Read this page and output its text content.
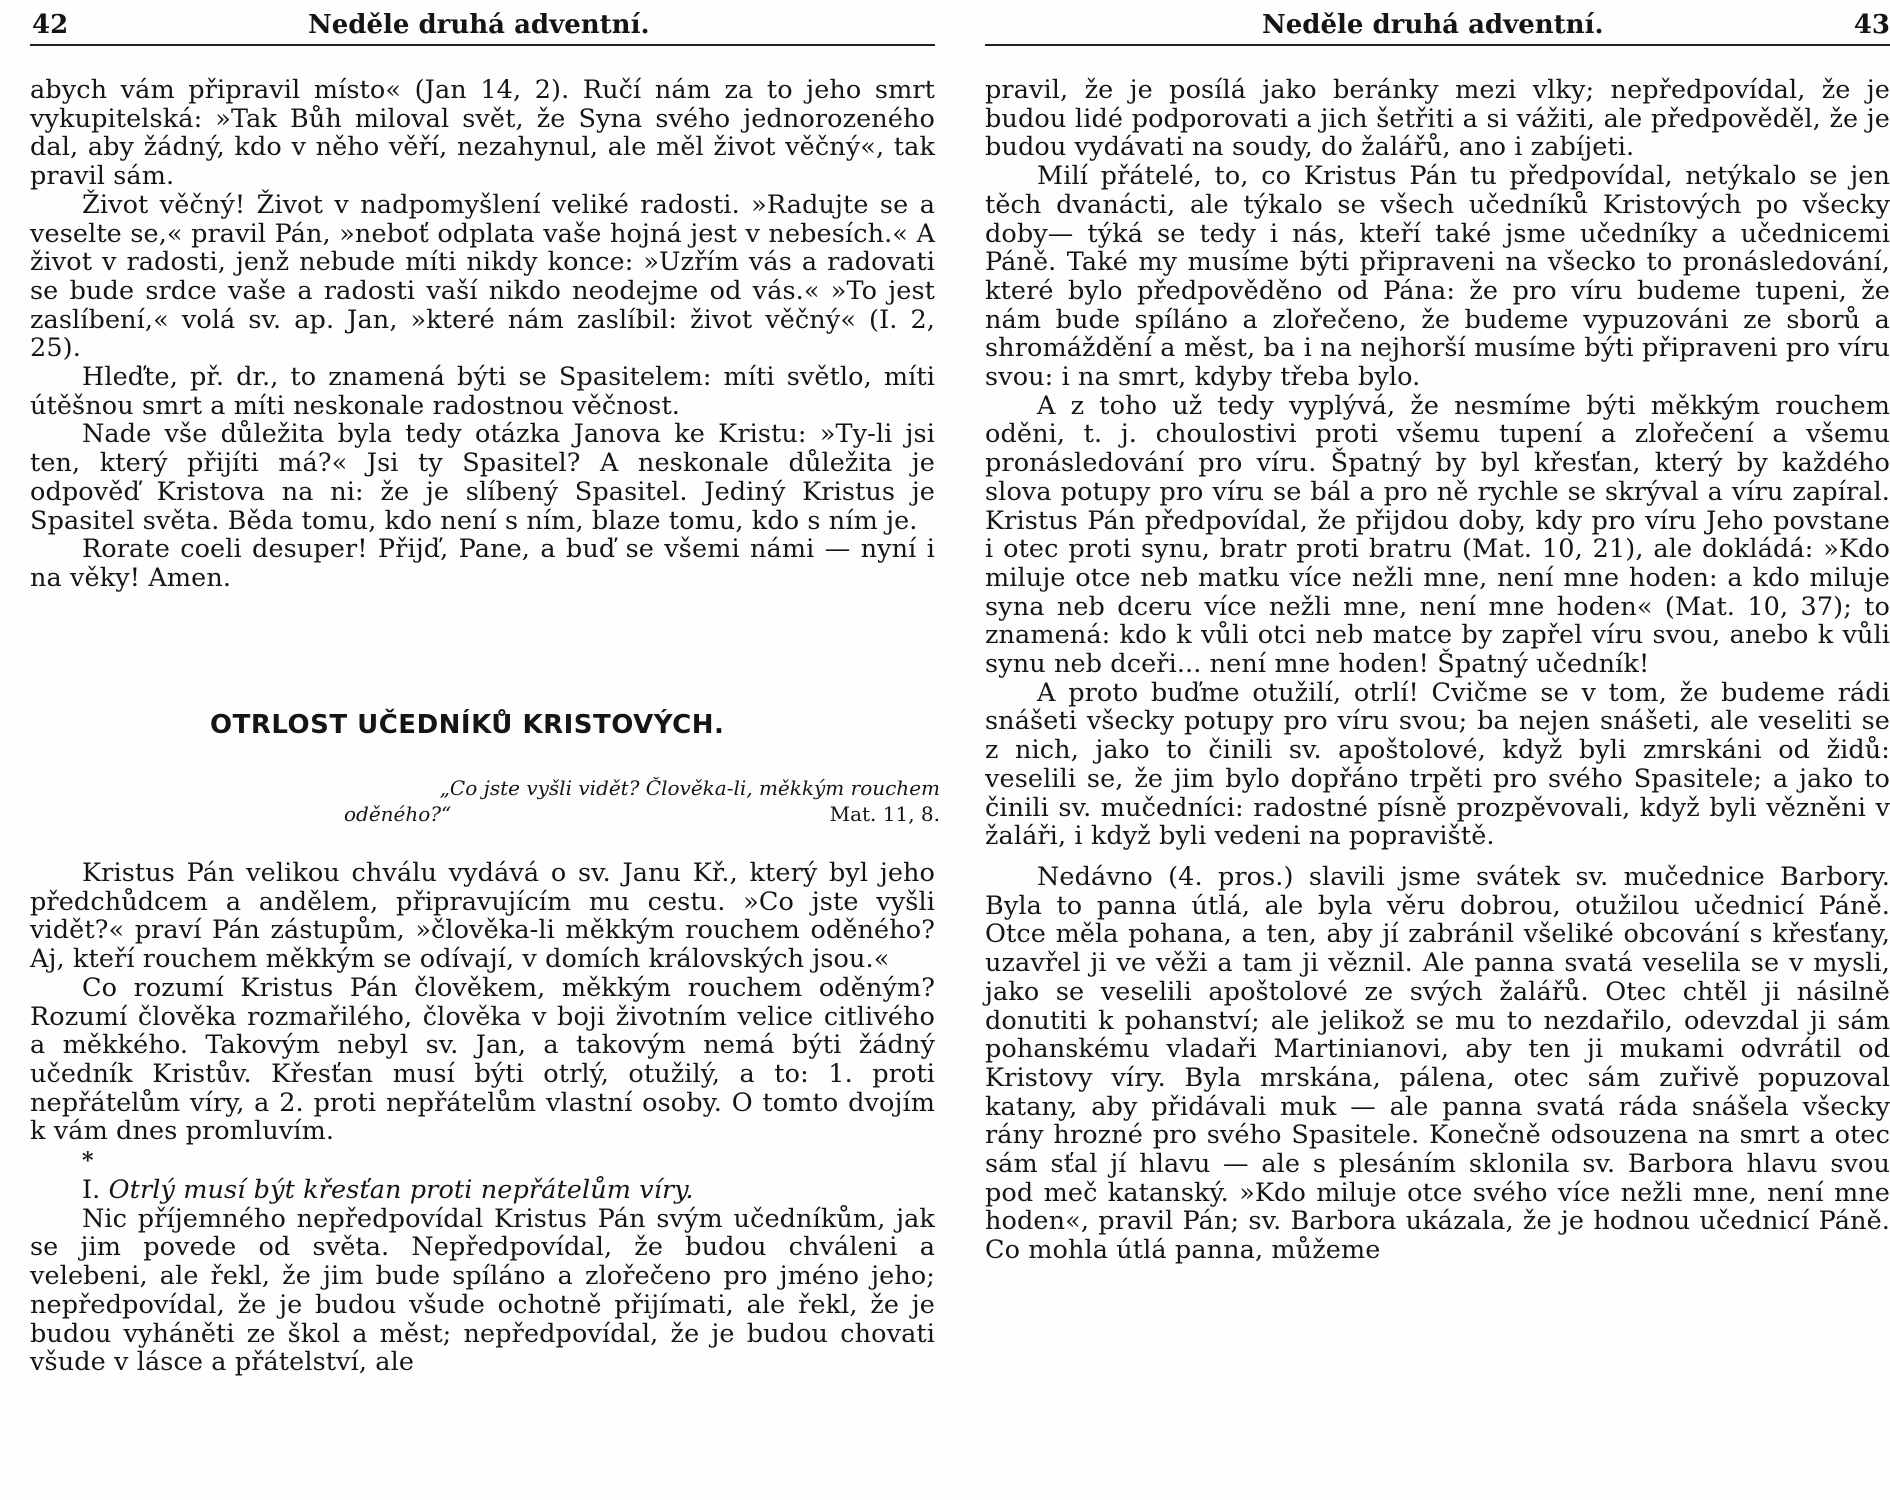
42	Neděle druhá adventní.

abych vám připravil místo« (Jan 14, 2). Ručí nám za to jeho smrt vykupitelská: »Tak Bůh miloval svět, že Syna svého jednorozeného dal, aby žádný, kdo v něho věří, nezahynul, ale měl život věčný«, tak pravil sám.

Život věčný! Život v nadpomyšlení veliké radosti. »Radujte se a veselte se,« pravil Pán, »neboť odplata vaše hojná jest v nebesích.« A život v radosti, jenž nebude míti nikdy konce: »Uzřím vás a radovati se bude srdce vaše a radosti vaší nikdo neodejme od vás.« »To jest zaslíbení,« volá sv. ap. Jan, »které nám zaslíbil: život věčný« (I. 2, 25).

Hleďte, př. dr., to znamená býti se Spasitelem: míti světlo, míti útěšnou smrt a míti neskonale radostnou věčnost.

Nade vše důležita byla tedy otázka Janova ke Kristu: »Ty-li jsi ten, který přijíti má?« Jsi ty Spasitel? A neskonale důležita je odpověď Kristova na ni: že je slíbený Spasitel. Jediný Kristus je Spasitel světa. Běda tomu, kdo není s ním, blaze tomu, kdo s ním je.

Rorate coeli desuper! Přijď, Pane, a buď se všemi námi — nyní i na věky! Amen.

OTRLOST UČEDNÍKŮ KRISTOVÝCH.
„Co jste vyšli vidět? Člověka-li, měkkým rouchem
oděného?“	Mat. 11, 8.

Kristus Pán velikou chválu vydává o sv. Janu Kř., který byl jeho předchůdcem a andělem, připravujícím mu cestu. »Co jste vyšli vidět?« praví Pán zástupům, »člověka-li měkkým rouchem oděného? Aj, kteří rouchem měkkým se odívají, v domích královských jsou.«

Co rozumí Kristus Pán člověkem, měkkým rouchem oděným? Rozumí člověka rozmařilého, člověka v boji životním velice citlivého a měkkého. Takovým nebyl sv. Jan, a takovým nemá býti žádný učedník Kristův. Křesťan musí býti otrlý, otužilý, a to: 1. proti nepřátelům víry, a 2. proti nepřátelům vlastní osoby. O tomto dvojím k vám dnes promluvím.

*

I. Otrlý musí být křesťan proti nepřátelům víry.

Nic příjemného nepředpovídal Kristus Pán svým učedníkům, jak se jim povede od světa. Nepředpovídal, že budou chváleni a velebeni, ale řekl, že jim bude spíláno a zlořečeno pro jméno jeho; nepředpovídal, že je budou všude ochotně přijímati, ale řekl, že je budou vyháněti ze škol a měst; nepředpovídal, že je budou chovati všude v lásce a přátelství, ale

Neděle druhá adventní.	43

pravil, že je posílá jako beránky mezi vlky; nepředpovídal, že je budou lidé podporovati a jich šetřiti a si vážiti, ale předpověděl, že je budou vydávati na soudy, do žalářů, ano i zabíjeti.

Milí přátelé, to, co Kristus Pán tu předpovídal, netýkalo se jen těch dvanácti, ale týkalo se všech učedníků Kristových po všecky doby— týká se tedy i nás, kteří také jsme učedníky a učednicemi Páně. Také my musíme býti připraveni na všecko to pronásledování, které bylo předpověděno od Pána: že pro víru budeme tupeni, že nám bude spíláno a zlořečeno, že budeme vypuzováni ze sborů a shromáždění a měst, ba i na nejhorší musíme býti připraveni pro víru svou: i na smrt, kdyby třeba bylo.

A z toho už tedy vyplývá, že nesmíme býti měkkým rouchem oděni, t. j. choulostivi proti všemu tupení a zlořečení a všemu pronásledování pro víru. Špatný by byl křesťan, který by každého slova potupy pro víru se bál a pro ně rychle se skrýval a víru zapíral. Kristus Pán předpovídal, že přijdou doby, kdy pro víru Jeho povstane i otec proti synu, bratr proti bratru (Mat. 10, 21), ale dokládá: »Kdo miluje otce neb matku více nežli mne, není mne hoden: a kdo miluje syna neb dceru více nežli mne, není mne hoden« (Mat. 10, 37); to znamená: kdo k vůli otci neb matce by zapřel víru svou, anebo k vůli synu neb dceři... není mne hoden! Špatný učedník!

A proto buďme otužilí, otrlí! Cvičme se v tom, že budeme rádi snášeti všecky potupy pro víru svou; ba nejen snášeti, ale veseliti se z nich, jako to činili sv. apoštolové, když byli zmrskáni od židů: veselili se, že jim bylo dopřáno trpěti pro svého Spasitele; a jako to činili sv. mučedníci: radostné písně prozpěvovali, když byli vězněni v žaláři, i když byli vedeni na popraviště.

Nedávno (4. pros.) slavili jsme svátek sv. mučednice Barbory. Byla to panna útlá, ale byla věru dobrou, otužilou učednicí Páně. Otce měla pohana, a ten, aby jí zabránil všeliké obcování s křesťany, uzavřel ji ve věži a tam ji věznil. Ale panna svatá veselila se v mysli, jako se veselili apoštolové ze svých žalářů. Otec chtěl ji násilně donutiti k pohanství; ale jelikož se mu to nezdařilo, odevzdal ji sám pohanskému vladaři Martinianovi, aby ten ji mukami odvrátil od Kristovy víry. Byla mrskána, pálena, otec sám zuřivě popuzoval katany, aby přidávali muk — ale panna svatá ráda snášela všecky rány hrozné pro svého Spasitele. Konečně odsouzena na smrt a otec sám sťal jí hlavu — ale s plesáním sklonila sv. Barbora hlavu svou pod meč katanský. »Kdo miluje otce svého více nežli mne, není mne hoden«, pravil Pán; sv. Barbora ukázala, že je hodnou učednicí Páně. Co mohla útlá panna, můžeme
